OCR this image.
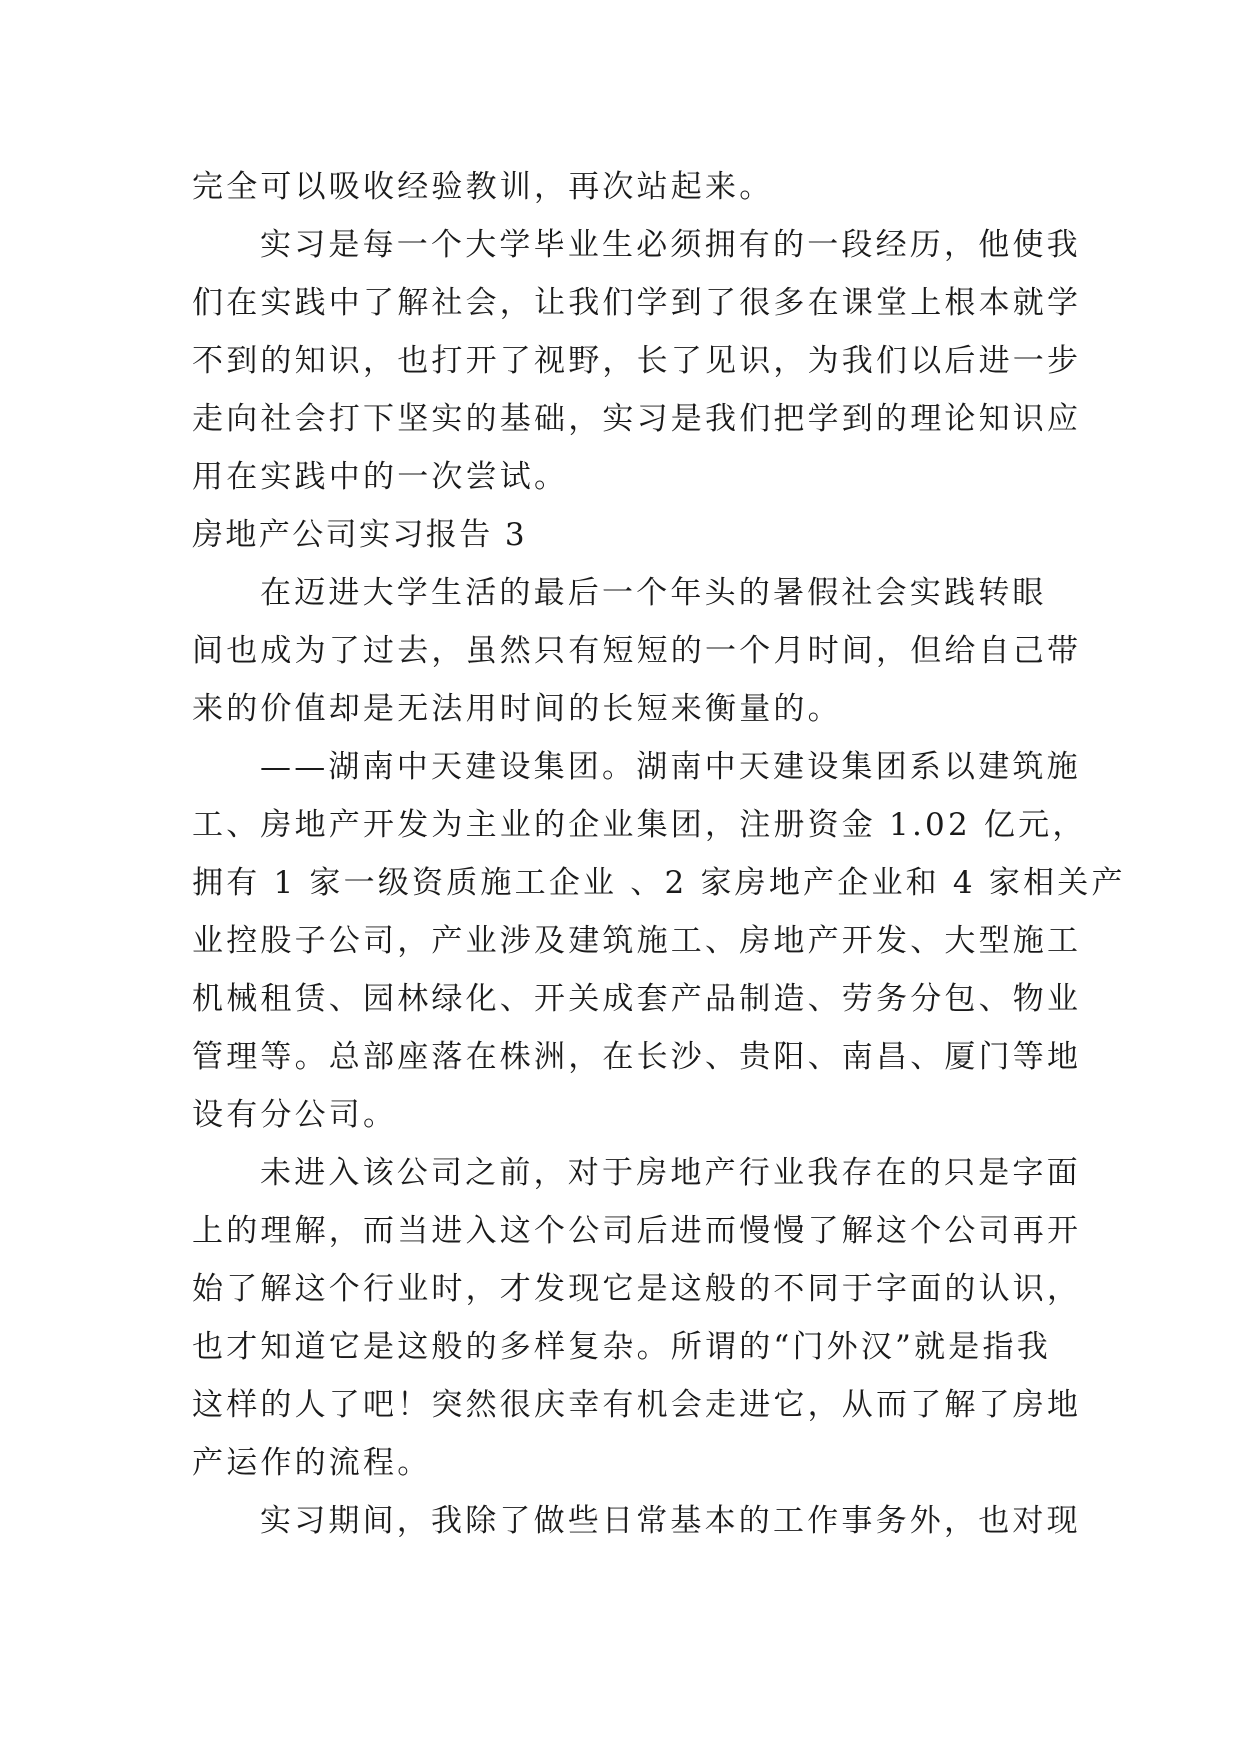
完全可以吸收经验教训，再次站起来。
实习是每一个大学毕业生必须拥有的一段经历，他使我
们在实践中了解社会，让我们学到了很多在课堂上根本就学
不到的知识，也打开了视野，长了见识，为我们以后进一步
走向社会打下坚实的基础，实习是我们把学到的理论知识应
用在实践中的一次尝试。
房地产公司实习报告 3
在迈进大学生活的最后一个年头的暑假社会实践转眼
间也成为了过去，虽然只有短短的一个月时间，但给自己带
来的价值却是无法用时间的长短来衡量的。
——湖南中天建设集团。湖南中天建设集团系以建筑施
工、房地产开发为主业的企业集团，注册资金 1.02 亿元，
拥有 1 家一级资质施工企业 、2 家房地产企业和 4 家相关产
业控股子公司，产业涉及建筑施工、房地产开发、大型施工
机械租赁、园林绿化、开关成套产品制造、劳务分包、物业
管理等。总部座落在株洲，在长沙、贵阳、南昌、厦门等地
设有分公司。
未进入该公司之前，对于房地产行业我存在的只是字面
上的理解，而当进入这个公司后进而慢慢了解这个公司再开
始了解这个行业时，才发现它是这般的不同于字面的认识，
也才知道它是这般的多样复杂。所谓的“门外汉”就是指我
这样的人了吧！突然很庆幸有机会走进它，从而了解了房地
产运作的流程。
实习期间，我除了做些日常基本的工作事务外，也对现
